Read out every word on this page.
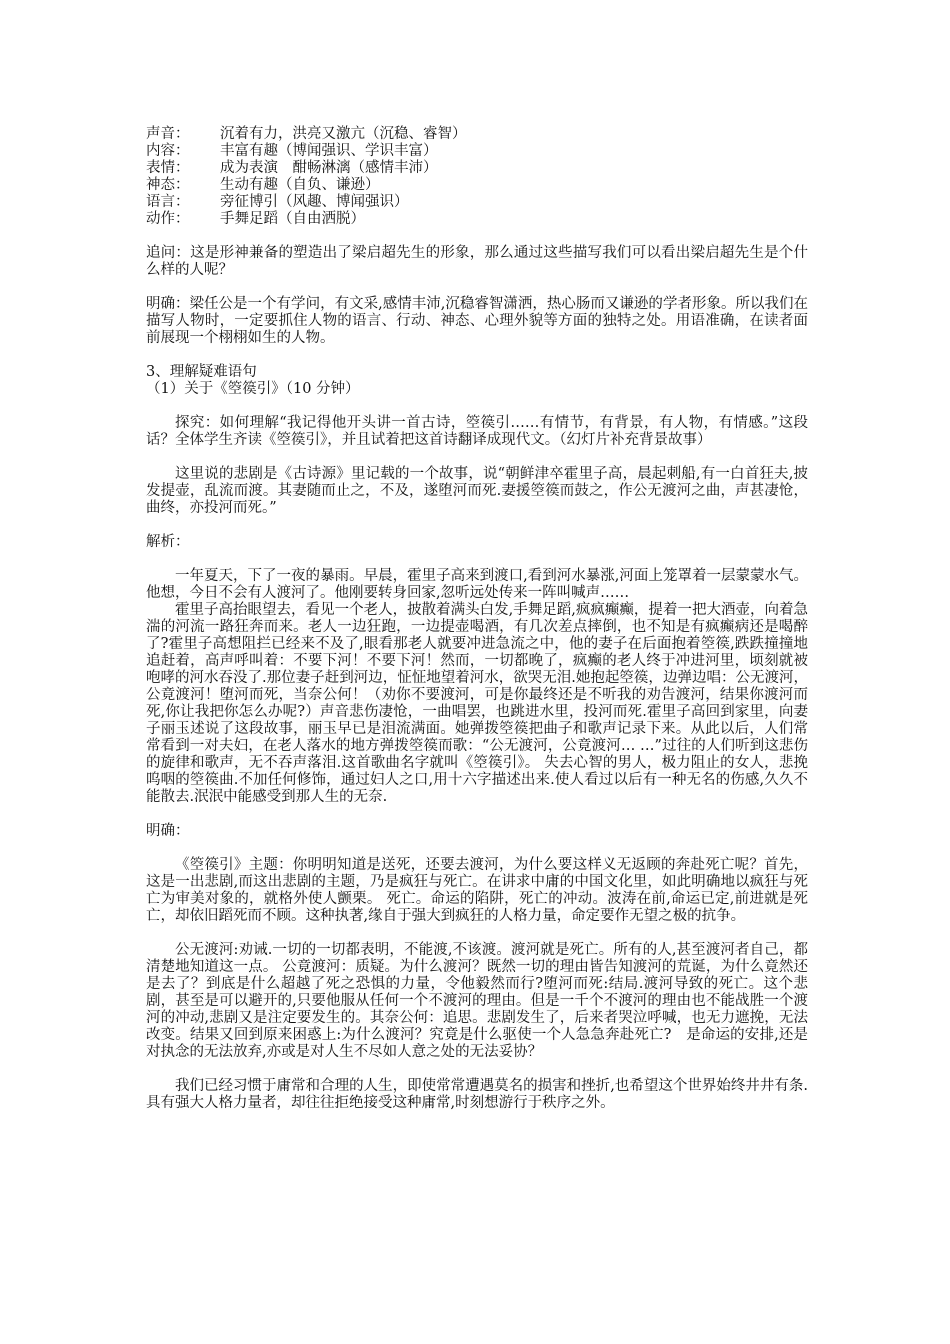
声音： 沉着有力，洪亮又激亢（沉稳、睿智）
内容： 丰富有趣（博闻强识、学识丰富）
表情： 成为表演　酣畅淋漓（感情丰沛）
神态： 生动有趣（自负、谦逊）
语言： 旁征博引（风趣、博闻强识）
动作： 手舞足蹈（自由洒脱）

追问：这是形神兼备的塑造出了梁启超先生的形象，那么通过这些描写我们可以看出梁启超先生是个什么样的人呢？

明确：梁任公是一个有学问，有文采,感情丰沛,沉稳睿智潇洒，热心肠而又谦逊的学者形象。所以我们在描写人物时，一定要抓住人物的语言、行动、神态、心理外貌等方面的独特之处。用语准确，在读者面前展现一个栩栩如生的人物。

3、理解疑难语句

（1）关于《箜篌引》（10 分钟）

探究：如何理解“我记得他开头讲一首古诗，箜篌引……有情节，有背景，有人物，有情感。”这段话？全体学生齐读《箜篌引》，并且试着把这首诗翻译成现代文。（幻灯片补充背景故事）

这里说的悲剧是《古诗源》里记载的一个故事，说“朝鲜津卒霍里子高，晨起刺船,有一白首狂夫,披发提壶，乱流而渡。其妻随而止之，不及，遂堕河而死.妻援箜篌而鼓之，作公无渡河之曲，声甚凄怆，曲终，亦投河而死。”

解析：

一年夏天，下了一夜的暴雨。早晨，霍里子高来到渡口,看到河水暴涨,河面上笼罩着一层蒙蒙水气。他想，今日不会有人渡河了。他刚要转身回家,忽听远处传来一阵叫喊声……

霍里子高抬眼望去，看见一个老人，披散着满头白发,手舞足蹈,疯疯癫癫，提着一把大酒壶，向着急湍的河流一路狂奔而来。老人一边狂跑，一边提壶喝酒，有几次差点摔倒，也不知是有疯癫病还是喝醉了?霍里子高想阻拦已经来不及了,眼看那老人就要冲进急流之中，他的妻子在后面抱着箜篌,跌跌撞撞地追赶着，高声呼叫着：不要下河！不要下河！然而，一切都晚了，疯癫的老人终于冲进河里，顷刻就被咆哮的河水吞没了.那位妻子赶到河边，怔怔地望着河水，欲哭无泪.她抱起箜篌，边弹边唱：公无渡河，公竟渡河！堕河而死，当奈公何！（劝你不要渡河，可是你最终还是不听我的劝告渡河，结果你渡河而死,你让我把你怎么办呢?）声音悲伤凄怆，一曲唱罢，也跳进水里，投河而死.霍里子高回到家里，向妻子丽玉述说了这段故事，丽玉早已是泪流满面。她弹拨箜篌把曲子和歌声记录下来。从此以后，人们常常看到一对夫妇，在老人落水的地方弹拨箜篌而歌：“公无渡河，公竟渡河… …”过往的人们听到这悲伤的旋律和歌声，无不吞声落泪.这首歌曲名字就叫《箜篌引》。 失去心智的男人，极力阻止的女人，悲挽呜咽的箜篌曲.不加任何修饰，通过妇人之口,用十六字描述出来.使人看过以后有一种无名的伤感,久久不能散去.泯泯中能感受到那人生的无奈.

明确：

《箜篌引》主题：你明明知道是送死，还要去渡河，为什么要这样义无返顾的奔赴死亡呢？首先，这是一出悲剧,而这出悲剧的主题，乃是疯狂与死亡。在讲求中庸的中国文化里，如此明确地以疯狂与死亡为审美对象的，就格外使人颤栗。 死亡。命运的陷阱，死亡的冲动。波涛在前,命运已定,前进就是死亡，却依旧蹈死而不顾。这种执著,缘自于强大到疯狂的人格力量，命定要作无望之极的抗争。

公无渡河:劝诫.一切的一切都表明，不能渡,不该渡。渡河就是死亡。所有的人,甚至渡河者自己，都清楚地知道这一点。 公竟渡河：质疑。为什么渡河？既然一切的理由皆告知渡河的荒诞，为什么竟然还是去了？到底是什么超越了死之恐惧的力量，令他毅然而行?堕河而死:结局.渡河导致的死亡。这个悲剧，甚至是可以避开的,只要他服从任何一个不渡河的理由。但是一千个不渡河的理由也不能战胜一个渡河的冲动,悲剧又是注定要发生的。其奈公何：追思。悲剧发生了，后来者哭泣呼喊，也无力遮挽，无法改变。结果又回到原来困惑上:为什么渡河？究竟是什么驱使一个人急急奔赴死亡?　是命运的安排,还是对执念的无法放弃,亦或是对人生不尽如人意之处的无法妥协？

我们已经习惯于庸常和合理的人生，即使常常遭遇莫名的损害和挫折,也希望这个世界始终井井有条.具有强大人格力量者，却往往拒绝接受这种庸常,时刻想游行于秩序之外。
